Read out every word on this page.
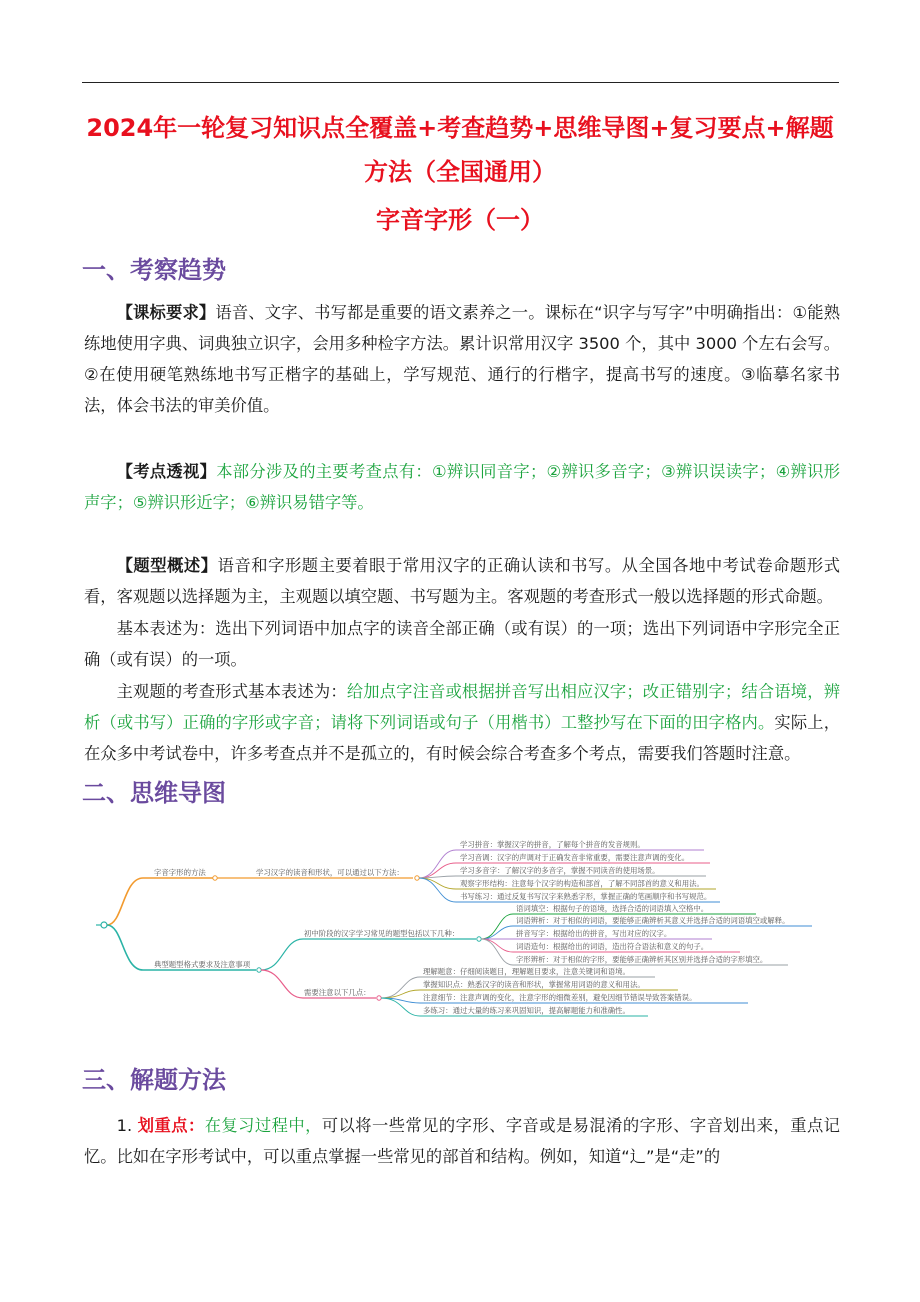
2024年一轮复习知识点全覆盖+考查趋势+思维导图+复习要点+解题
方法（全国通用）
字音字形（一）
一、考察趋势

【课标要求】语音、文字、书写都是重要的语文素养之一。课标在“识字与写字”中明确指出：①能熟练地使用字典、词典独立识字，会用多种检字方法。累计识常用汉字 3500 个，其中 3000 个左右会写。②在使用硬笔熟练地书写正楷字的基础上，学写规范、通行的行楷字，提高书写的速度。③临摹名家书法，体会书法的审美价值。

【考点透视】本部分涉及的主要考查点有：①辨识同音字；②辨识多音字；③辨识误读字；④辨识形声字；⑤辨识形近字；⑥辨识易错字等。

【题型概述】语音和字形题主要着眼于常用汉字的正确认读和书写。从全国各地中考试卷命题形式看，客观题以选择题为主，主观题以填空题、书写题为主。客观题的考查形式一般以选择题的形式命题。

基本表述为：选出下列词语中加点字的读音全部正确（或有误）的一项；选出下列词语中字形完全正确（或有误）的一项。

主观题的考查形式基本表述为：给加点字注音或根据拼音写出相应汉字；改正错别字；结合语境，辨析（或书写）正确的字形或字音；请将下列词语或句子（用楷书）工整抄写在下面的田字格内。实际上，在众多中考试卷中，许多考查点并不是孤立的，有时候会综合考查多个考点，需要我们答题时注意。

二、思维导图
字音字形的方法	学习汉字的读音和形状，可以通过以下方法：
学习拼音：掌握汉字的拼音，了解每个拼音的发音规则。
学习音调：汉字的声调对于正确发音非常重要，需要注意声调的变化。
学习多音字：了解汉字的多音字，掌握不同读音的使用场景。
观察字形结构：注意每个汉字的构造和部首，了解不同部首的意义和用法。
书写练习：通过反复书写汉字来熟悉字形，掌握正确的笔画顺序和书写规范。
典型题型格式要求及注意事项
初中阶段的汉字学习常见的题型包括以下几种：
语词填空：根据句子的语境，选择合适的词语填入空格中。
词语辨析：对于相似的词语，要能够正确辨析其意义并选择合适的词语填空或解释。
拼音写字：根据给出的拼音，写出对应的汉字。
词语造句：根据给出的词语，造出符合语法和意义的句子。
字形辨析：对于相似的字形，要能够正确辨析其区别并选择合适的字形填空。
需要注意以下几点：
理解题意：仔细阅读题目，理解题目要求，注意关键词和语境。
掌握知识点：熟悉汉字的读音和形状，掌握常用词语的意义和用法。
注意细节：注意声调的变化，注意字形的细微差别，避免因细节错误导致答案错误。
多练习：通过大量的练习来巩固知识，提高解题能力和准确性。
三、解题方法

1. 划重点：在复习过程中，可以将一些常见的字形、字音或是易混淆的字形、字音划出来，重点记忆。比如在字形考试中，可以重点掌握一些常见的部首和结构。例如，知道“辶”是“走”的
